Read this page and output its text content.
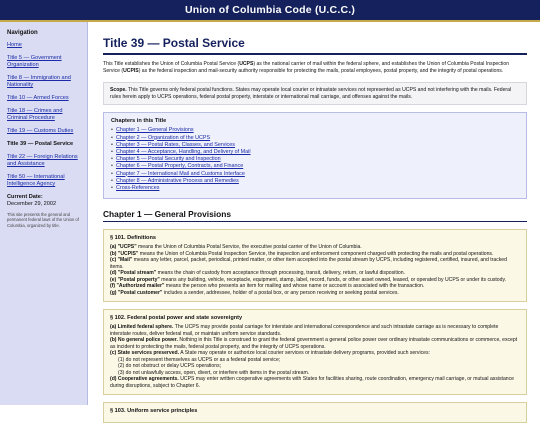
Union of Columbia Code (U.C.C.)
Navigation
Home
Title 5 — Government Organization
Title 8 — Immigration and Nationality
Title 10 — Armed Forces
Title 18 — Crimes and Criminal Procedure
Title 19 — Customs Duties
Title 39 — Postal Service
Title 22 — Foreign Relations and Assistance
Title 50 — International Intelligence Agency
Current Date:
December 29, 2002
This site presents the general and permanent federal laws of the Union of Columbia, organized by title.
Title 39 — Postal Service
This Title establishes the Union of Columbia Postal Service (UCPS) as the national carrier of mail within the federal sphere, and establishes the Union of Columbia Postal Inspection Service (UCPIS) as the federal inspection and mail-security authority responsible for protecting the mails, postal employees, postal property, and the integrity of postal operations.
Scope. This Title governs only federal postal functions. States may operate local courier or intrastate services not represented as UCPS and not interfering with the mails. Federal rules herein apply to UCPS operations, federal postal property, interstate or international mail carriage, and offenses against the mails.
Chapters in this Title
• Chapter 1 — General Provisions
• Chapter 2 — Organization of the UCPS
• Chapter 3 — Postal Rates, Classes, and Services
• Chapter 4 — Acceptance, Handling, and Delivery of Mail
• Chapter 5 — Postal Security and Inspection
• Chapter 6 — Postal Property, Contracts, and Finance
• Chapter 7 — International Mail and Customs Interface
• Chapter 8 — Administrative Process and Remedies
• Cross-References
Chapter 1 — General Provisions
§ 101. Definitions
(a) "UCPS" means the Union of Columbia Postal Service, the executive postal carrier of the Union of Columbia.
(b) "UCPIS" means the Union of Columbia Postal Inspection Service, the inspection and enforcement component charged with protecting the mails and postal operations.
(c) "Mail" means any letter, parcel, packet, periodical, printed matter, or other item accepted into the postal stream by UCPS, including registered, certified, insured, and tracked items.
(d) "Postal stream" means the chain of custody from acceptance through processing, transit, delivery, return, or lawful disposition.
(e) "Postal property" means any building, vehicle, receptacle, equipment, stamp, label, record, funds, or other asset owned, leased, or operated by UCPS or under its custody.
(f) "Authorized mailer" means the person who presents an item for mailing and whose name or account is associated with the transaction.
(g) "Postal customer" includes a sender, addressee, holder of a postal box, or any person receiving or seeking postal services.
§ 102. Federal postal power and state sovereignty
(a) Limited federal sphere. The UCPS may provide postal carriage for interstate and international correspondence and such intrastate carriage as is necessary to complete interstate routes, deliver federal mail, or maintain uniform service standards.
(b) No general police power. Nothing in this Title is construed to grant the federal government a general police power over ordinary intrastate communications or commerce, except as incident to protecting the mails, federal postal property, and the integrity of UCPS operations.
(c) State services preserved. A State may operate or authorize local courier services or intrastate delivery programs, provided such services:
(1) do not represent themselves as UCPS or as a federal postal service;
(2) do not obstruct or delay UCPS operations;
(3) do not unlawfully access, open, divert, or interfere with items in the postal stream.
(d) Cooperative agreements. UCPS may enter written cooperative agreements with States for facilities sharing, route coordination, emergency mail carriage, or mutual assistance during disruptions, subject to Chapter 6.
§ 103. Uniform service principles
